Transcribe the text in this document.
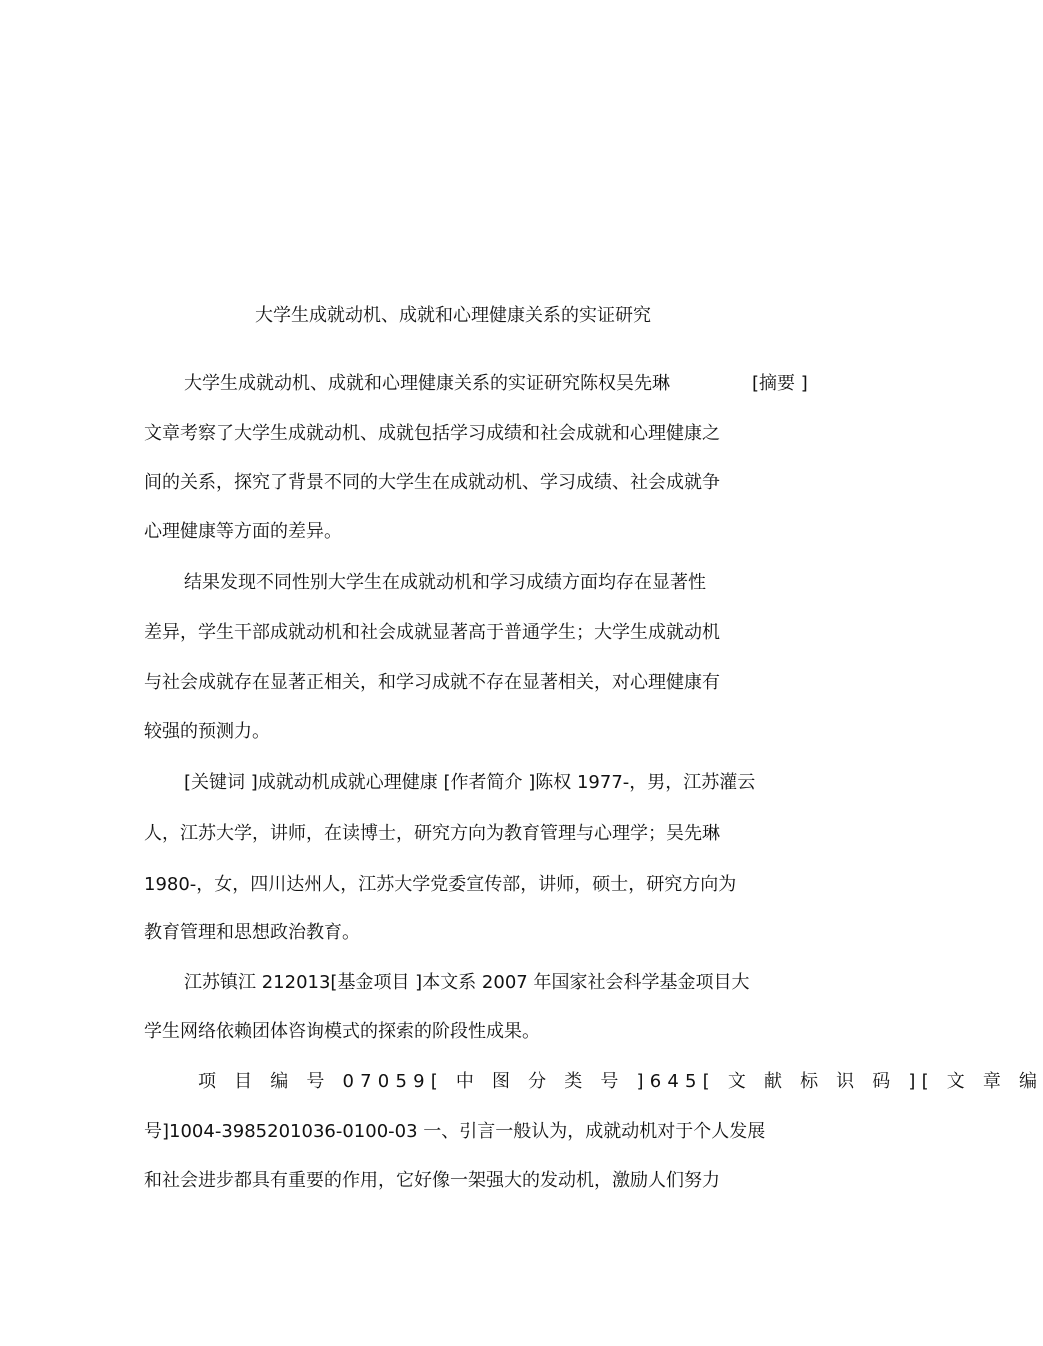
大学生成就动机、成就和心理健康关系的实证研究
大学生成就动机、成就和心理健康关系的实证研究陈权吴先琳	[摘要 ]
文章考察了大学生成就动机、成就包括学习成绩和社会成就和心理健康之
间的关系，探究了背景不同的大学生在成就动机、学习成绩、社会成就争
心理健康等方面的差异。
结果发现不同性别大学生在成就动机和学习成绩方面均存在显著性
差异，学生干部成就动机和社会成就显著高于普通学生；大学生成就动机
与社会成就存在显著正相关，和学习成就不存在显著相关，对心理健康有
较强的预测力。
[关键词 ]成就动机成就心理健康 [作者简介 ]陈权 1977-，男，江苏灌云
人，江苏大学，讲师，在读博士，研究方向为教育管理与心理学；吴先琳
1980-，女，四川达州人，江苏大学党委宣传部，讲师，硕士，研究方向为
教育管理和思想政治教育。
江苏镇江 212013[基金项目 ]本文系 2007 年国家社会科学基金项目大
学生网络依赖团体咨询模式的探索的阶段性成果。
项 目 编 号 07059[ 中 图 分 类 号 ]645[ 文 献 标 识 码 ][ 文 章 编
号]1004-3985201036-0100-03 一、引言一般认为，成就动机对于个人发展
和社会进步都具有重要的作用，它好像一架强大的发动机，激励人们努力
